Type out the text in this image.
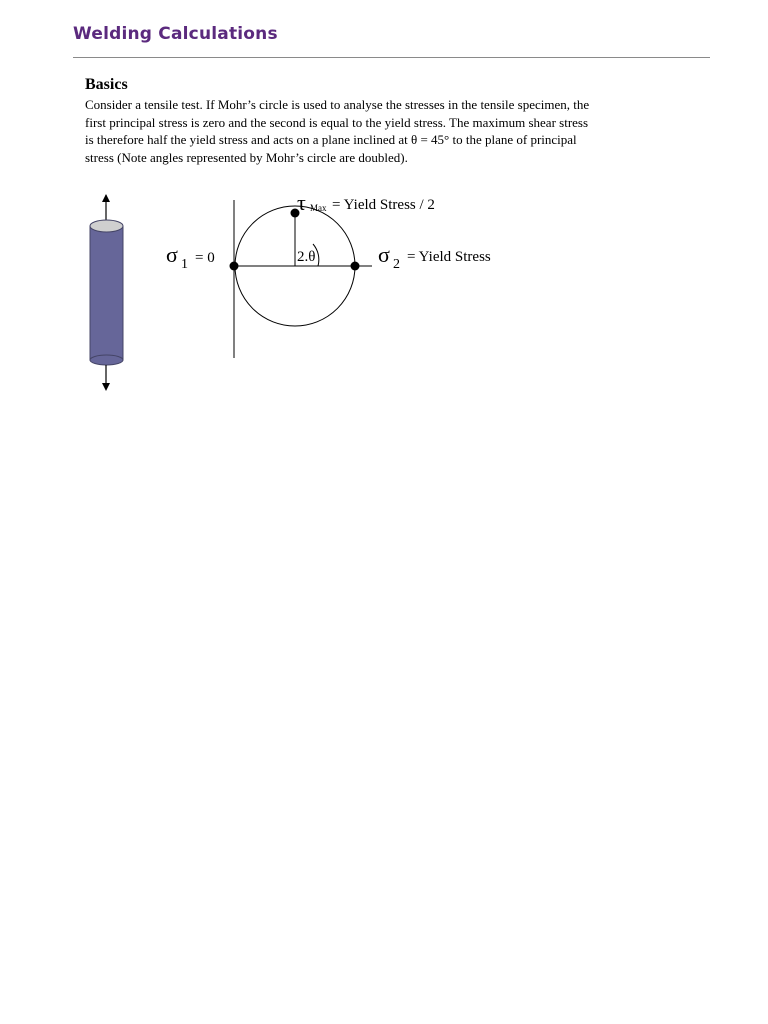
Welding Calculations
Basics
Consider a tensile test. If Mohr’s circle is used to analyse the stresses in the tensile specimen, the
first principal stress is zero and the second is equal to the yield stress. The maximum shear stress
is therefore half the yield stress and acts on a plane inclined at θ = 45° to the plane of principal
stress (Note angles represented by Mohr’s circle are doubled).
τ Max = Yield Stress / 2
σ 1 = 0	σ 2 = Yield Stress
2.θ
